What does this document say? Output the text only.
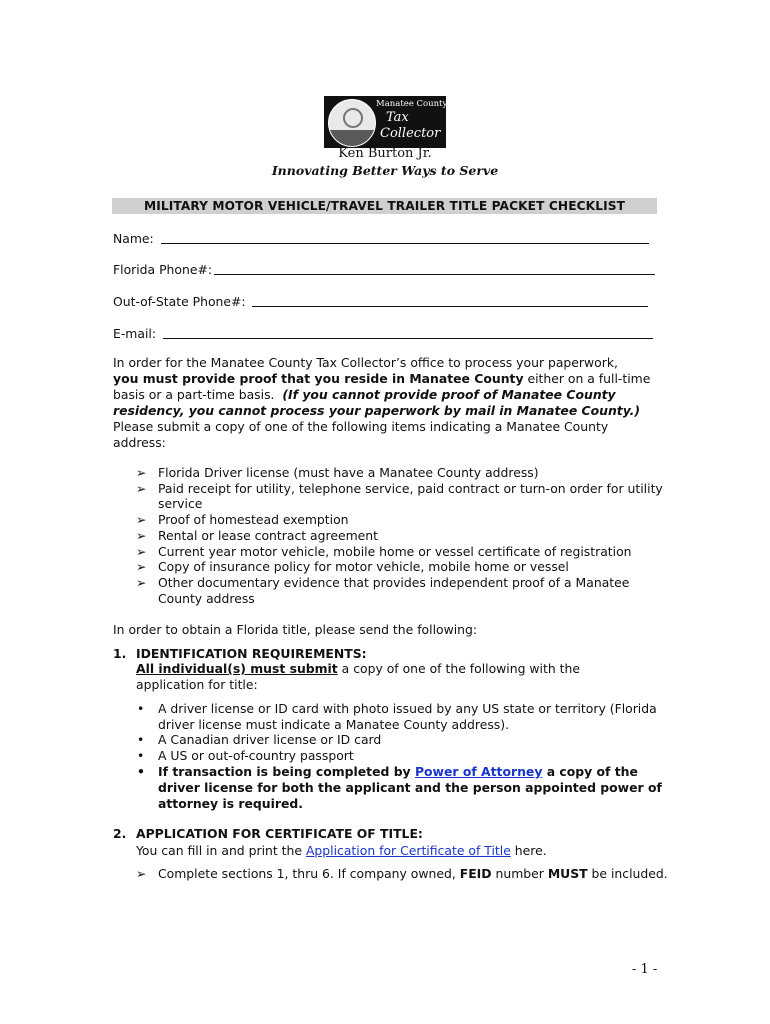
Manatee County
Tax
Collector
Ken Burton Jr.
Innovating Better Ways to Serve
MILITARY MOTOR VEHICLE/TRAVEL TRAILER TITLE PACKET CHECKLIST
Name:
Florida Phone#:
Out-of-State Phone#:
E-mail:
In order for the Manatee County Tax Collector’s office to process your paperwork,
you must provide proof that you reside in Manatee County either on a full-time
basis or a part-time basis.  (If you cannot provide proof of Manatee County
residency, you cannot process your paperwork by mail in Manatee County.)
Please submit a copy of one of the following items indicating a Manatee County
address:
➢ Florida Driver license (must have a Manatee County address)
➢ Paid receipt for utility, telephone service, paid contract or turn-on order for utility service
➢ Proof of homestead exemption
➢ Rental or lease contract agreement
➢ Current year motor vehicle, mobile home or vessel certificate of registration
➢ Copy of insurance policy for motor vehicle, mobile home or vessel
➢ Other documentary evidence that provides independent proof of a Manatee County address
In order to obtain a Florida title, please send the following:
1. IDENTIFICATION REQUIREMENTS:
All individual(s) must submit a copy of one of the following with the
application for title:
• A driver license or ID card with photo issued by any US state or territory (Florida driver license must indicate a Manatee County address).
• A Canadian driver license or ID card
• A US or out-of-country passport
• If transaction is being completed by Power of Attorney a copy of the driver license for both the applicant and the person appointed power of attorney is required.
2. APPLICATION FOR CERTIFICATE OF TITLE:
You can fill in and print the Application for Certificate of Title here.
➢ Complete sections 1, thru 6. If company owned, FEID number MUST be included.
- 1 -
